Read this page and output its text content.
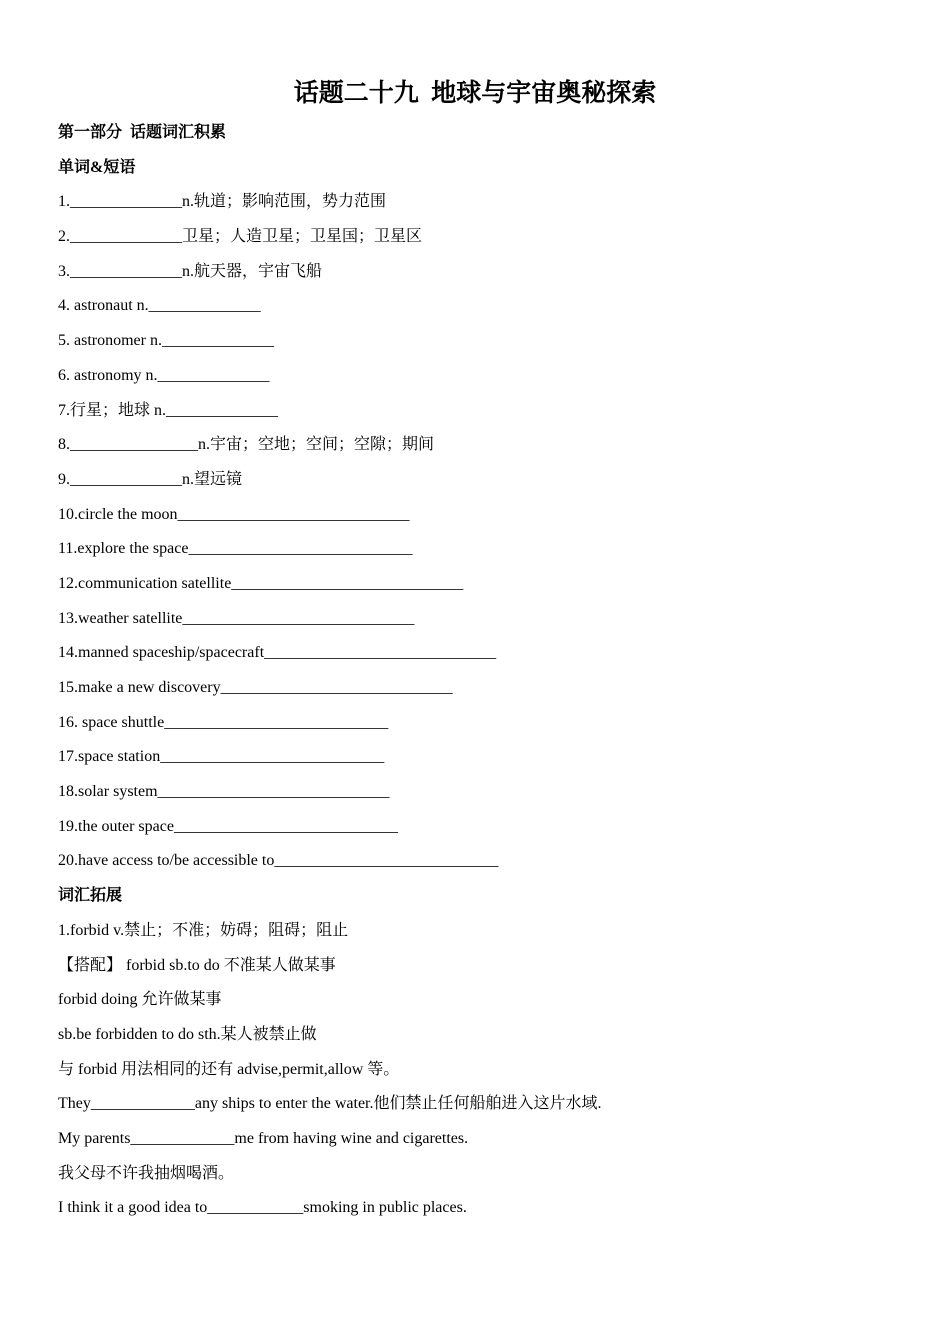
话题二十九  地球与宇宙奥秘探索
第一部分  话题词汇积累
单词&短语
1.______________n.轨道；影响范围，势力范围
2.______________卫星；人造卫星；卫星国；卫星区
3.______________n.航天器，宇宙飞船
4. astronaut n.______________
5. astronomer n.______________
6. astronomy n.______________
7.行星；地球 n.______________
8.________________n.宇宙；空地；空间；空隙；期间
9.______________n.望远镜
10.circle the moon_____________________________
11.explore the space____________________________
12.communication satellite_____________________________
13.weather satellite_____________________________
14.manned spaceship/spacecraft_____________________________
15.make a new discovery_____________________________
16. space shuttle____________________________
17.space station____________________________
18.solar system_____________________________
19.the outer space____________________________
20.have access to/be accessible to____________________________
词汇拓展
1.forbid v.禁止；不准；妨碍；阻碍；阻止
【搭配】 forbid sb.to do 不准某人做某事
forbid doing 允许做某事
sb.be forbidden to do sth.某人被禁止做
与 forbid 用法相同的还有 advise,permit,allow 等。
They_____________any ships to enter the water.他们禁止任何船舶进入这片水域.
My parents_____________me from having wine and cigarettes.
我父母不许我抽烟喝酒。
I think it a good idea to____________smoking in public places.
